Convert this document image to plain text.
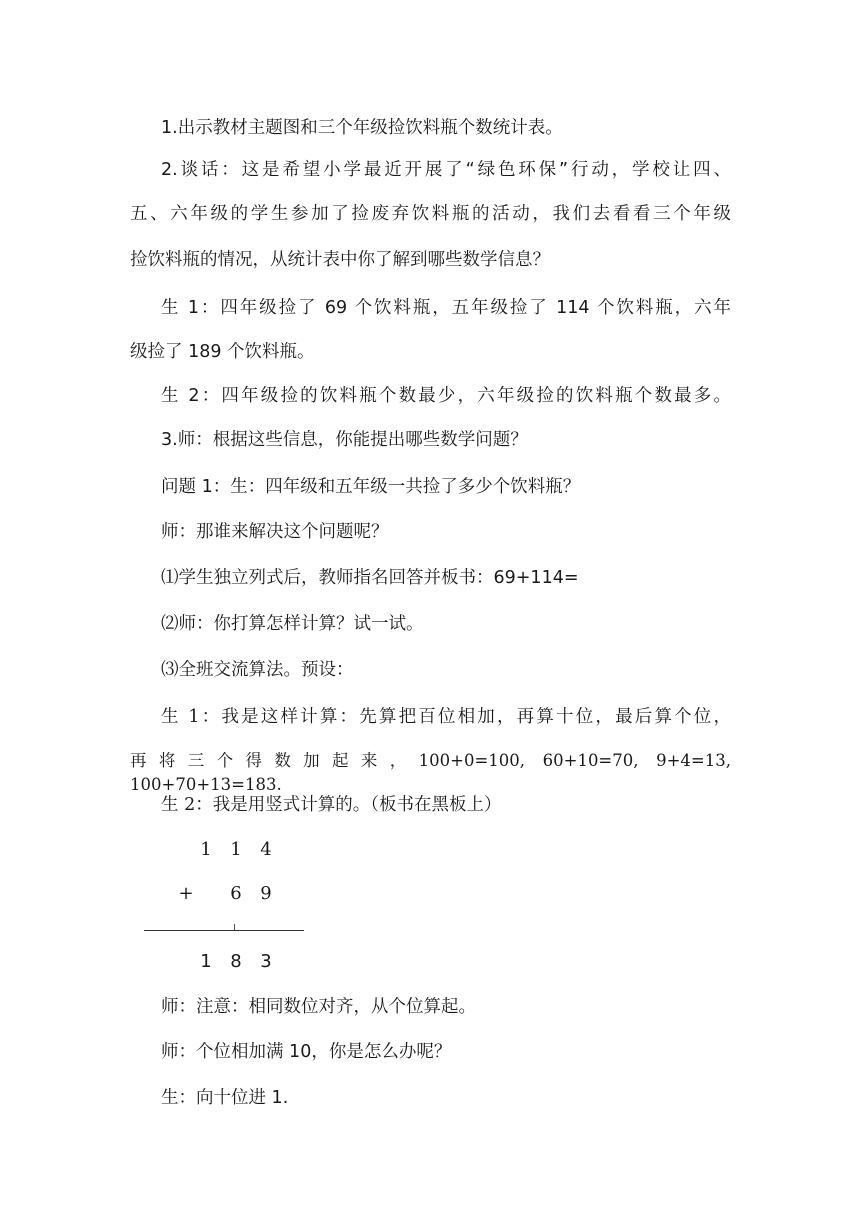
1.出示教材主题图和三个年级捡饮料瓶个数统计表。
2.谈话：这是希望小学最近开展了“绿色环保”行动，学校让四、
五、六年级的学生参加了捡废弃饮料瓶的活动，我们去看看三个年级
捡饮料瓶的情况，从统计表中你了解到哪些数学信息？
生 1：四年级捡了 69 个饮料瓶，五年级捡了 114 个饮料瓶，六年
级捡了 189 个饮料瓶。
生 2：四年级捡的饮料瓶个数最少，六年级捡的饮料瓶个数最多。
3.师：根据这些信息，你能提出哪些数学问题？
问题 1：生：四年级和五年级一共捡了多少个饮料瓶？
师：那谁来解决这个问题呢？
⑴学生独立列式后，教师指名回答并板书：69+114=
⑵师：你打算怎样计算？试一试。
⑶全班交流算法。预设：
生 1：我是这样计算：先算把百位相加，再算十位，最后算个位，
再将三个得数加起来，100+0=100, 60+10=70, 9+4=13, 100+70+13=183.
生 2：我是用竖式计算的。（板书在黑板上）
1	1	4
+	6	9
1	8	3
师：注意：相同数位对齐，从个位算起。
师：个位相加满 10，你是怎么办呢？
生：向十位进 1.
